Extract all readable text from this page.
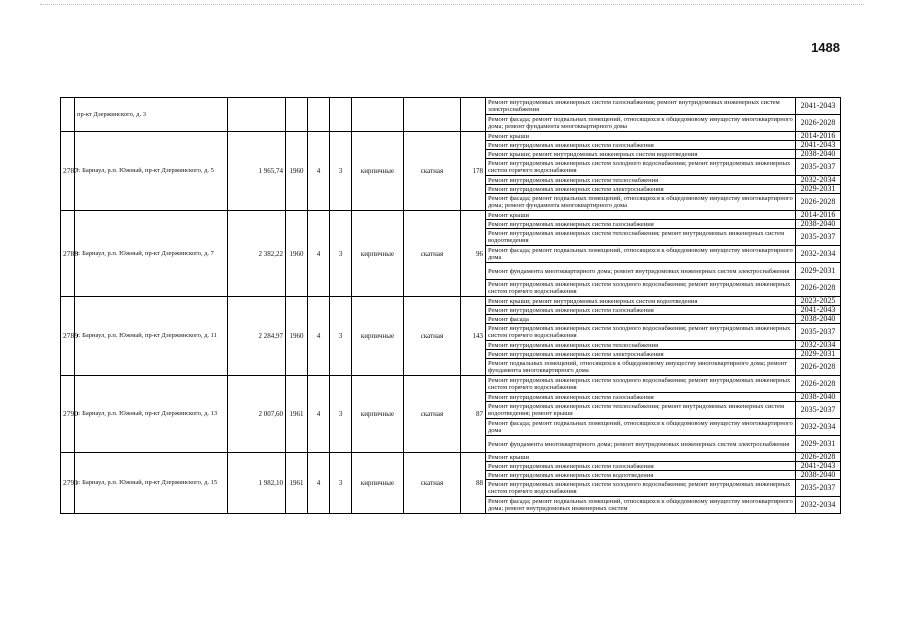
1488
	пр-кт Дзержинского, д. 3								Ремонт внутридомовых инженерных систем газоснабжения; ремонт внутридомовых инженерных систем электроснабжения	2041-2043
									Ремонт фасада; ремонт подвальных помещений, относящихся к общедомовому имуществу многоквартирного дома; ремонт фундамента многоквартирного дома	2026-2028
2787	г. Барнаул, р.п. Южный, пр-кт Дзержинского, д. 5	1 965,74	1960	4	3	кирпичные	скатная	178	Ремонт крыши	2014-2016
									Ремонт внутридомовых инженерных систем газоснабжения	2041-2043
									Ремонт крыши; ремонт внутридомовых инженерных систем водоотведения	2038-2040
									Ремонт внутридомовых инженерных систем холодного водоснабжения; ремонт внутридомовых инженерных систем горячего водоснабжения	2035-2037
									Ремонт внутридомовых инженерных систем теплоснабжения	2032-2034
									Ремонт внутридомовых инженерных систем электроснабжения	2029-2031
									Ремонт фасада; ремонт подвальных помещений, относящихся к общедомовому имуществу многоквартирного дома; ремонт фундамента многоквартирного дома	2026-2028
2788	г. Барнаул, р.п. Южный, пр-кт Дзержинского, д. 7	2 382,22	1960	4	3	кирпичные	скатная	96	Ремонт крыши	2014-2016
									Ремонт внутридомовых инженерных систем газоснабжения	2038-2040
									Ремонт внутридомовых инженерных систем теплоснабжения; ремонт внутридомовых инженерных систем водоотведения	2035-2037
									Ремонт фасада; ремонт подвальных помещений, относящихся к общедомовому имуществу многоквартирного дома	2032-2034
									Ремонт фундамента многоквартирного дома; ремонт внутридомовых инженерных систем электроснабжения	2029-2031
									Ремонт внутридомовых инженерных систем холодного водоснабжения; ремонт внутридомовых инженерных систем горячего водоснабжения	2026-2028
2789	г. Барнаул, р.п. Южный, пр-кт Дзержинского, д. 11	2 284,97	1960	4	3	кирпичные	скатная	143	Ремонт крыши; ремонт внутридомовых инженерных систем водоотведения	2023-2025
									Ремонт внутридомовых инженерных систем газоснабжения	2041-2043
									Ремонт фасада	2038-2040
									Ремонт внутридомовых инженерных систем холодного водоснабжения; ремонт внутридомовых инженерных систем горячего водоснабжения	2035-2037
									Ремонт внутридомовых инженерных систем теплоснабжения	2032-2034
									Ремонт внутридомовых инженерных систем электроснабжения	2029-2031
									Ремонт подвальных помещений, относящихся к общедомовому имуществу многоквартирного дома; ремонт фундамента многоквартирного дома	2026-2028
2790	г. Барнаул, р.п. Южный, пр-кт Дзержинского, д. 13	2 007,60	1961	4	3	кирпичные	скатная	87	Ремонт внутридомовых инженерных систем холодного водоснабжения; ремонт внутридомовых инженерных систем горячего водоснабжения	2026-2028
									Ремонт внутридомовых инженерных систем газоснабжения	2038-2040
									Ремонт внутридомовых инженерных систем теплоснабжения; ремонт внутридомовых инженерных систем водоотведения; ремонт крыши	2035-2037
									Ремонт фасада; ремонт подвальных помещений, относящихся к общедомовому имуществу многоквартирного дома	2032-2034
									Ремонт фундамента многоквартирного дома; ремонт внутридомовых инженерных систем электроснабжения	2029-2031
2791	г. Барнаул, р.п. Южный, пр-кт Дзержинского, д. 15	1 982,10	1961	4	3	кирпичные	скатная	88	Ремонт крыши	2026-2028
									Ремонт внутридомовых инженерных систем газоснабжения	2041-2043
									Ремонт внутридомовых инженерных систем водоотведения	2038-2040
									Ремонт внутридомовых инженерных систем холодного водоснабжения; ремонт внутридомовых инженерных систем горячего водоснабжения	2035-2037
									Ремонт фасада; ремонт подвальных помещений, относящихся к общедомовому имуществу многоквартирного дома; ремонт внутридомовых инженерных систем	2032-2034
